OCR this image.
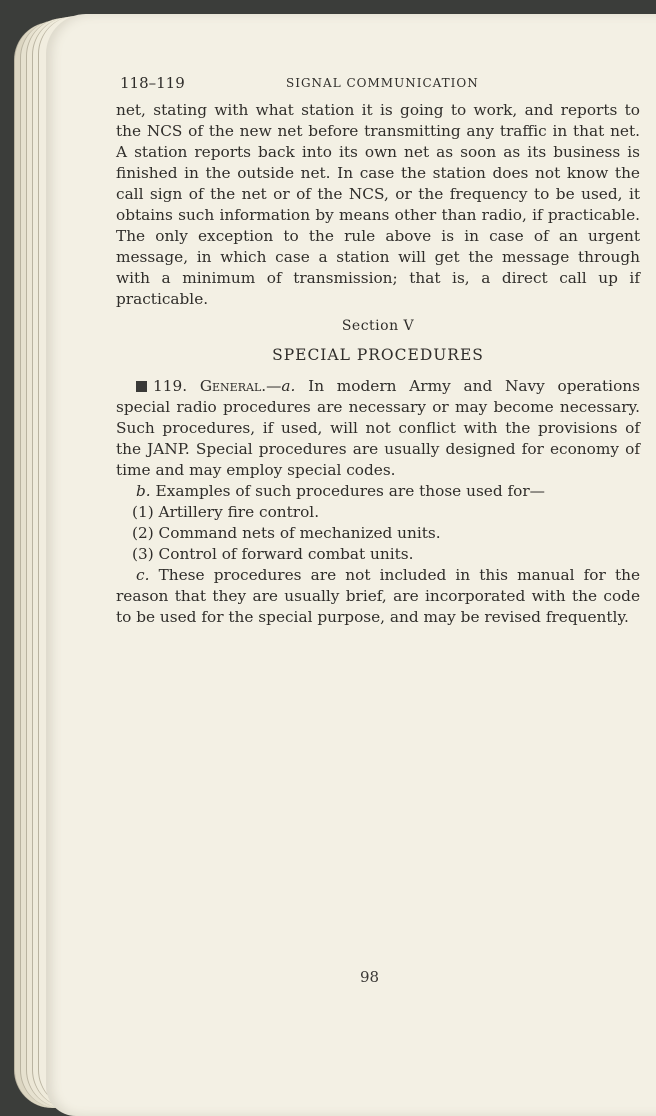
118–119	SIGNAL COMMUNICATION

net, stating with what station it is going to work, and reports to the NCS of the new net before transmitting any traffic in that net. A station reports back into its own net as soon as its business is finished in the outside net. In case the station does not know the call sign of the net or of the NCS, or the frequency to be used, it obtains such information by means other than radio, if practicable. The only exception to the rule above is in case of an urgent message, in which case a station will get the message through with a minimum of transmission; that is, a direct call up if practicable.

Section V
SPECIAL PROCEDURES

119. General.—a. In modern Army and Navy operations special radio procedures are necessary or may become necessary. Such procedures, if used, will not conflict with the provisions of the JANP. Special procedures are usually designed for economy of time and may employ special codes.

b. Examples of such procedures are those used for—

(1) Artillery fire control.

(2) Command nets of mechanized units.

(3) Control of forward combat units.

c. These procedures are not included in this manual for the reason that they are usually brief, are incorporated with the code to be used for the special purpose, and may be revised frequently.

98
